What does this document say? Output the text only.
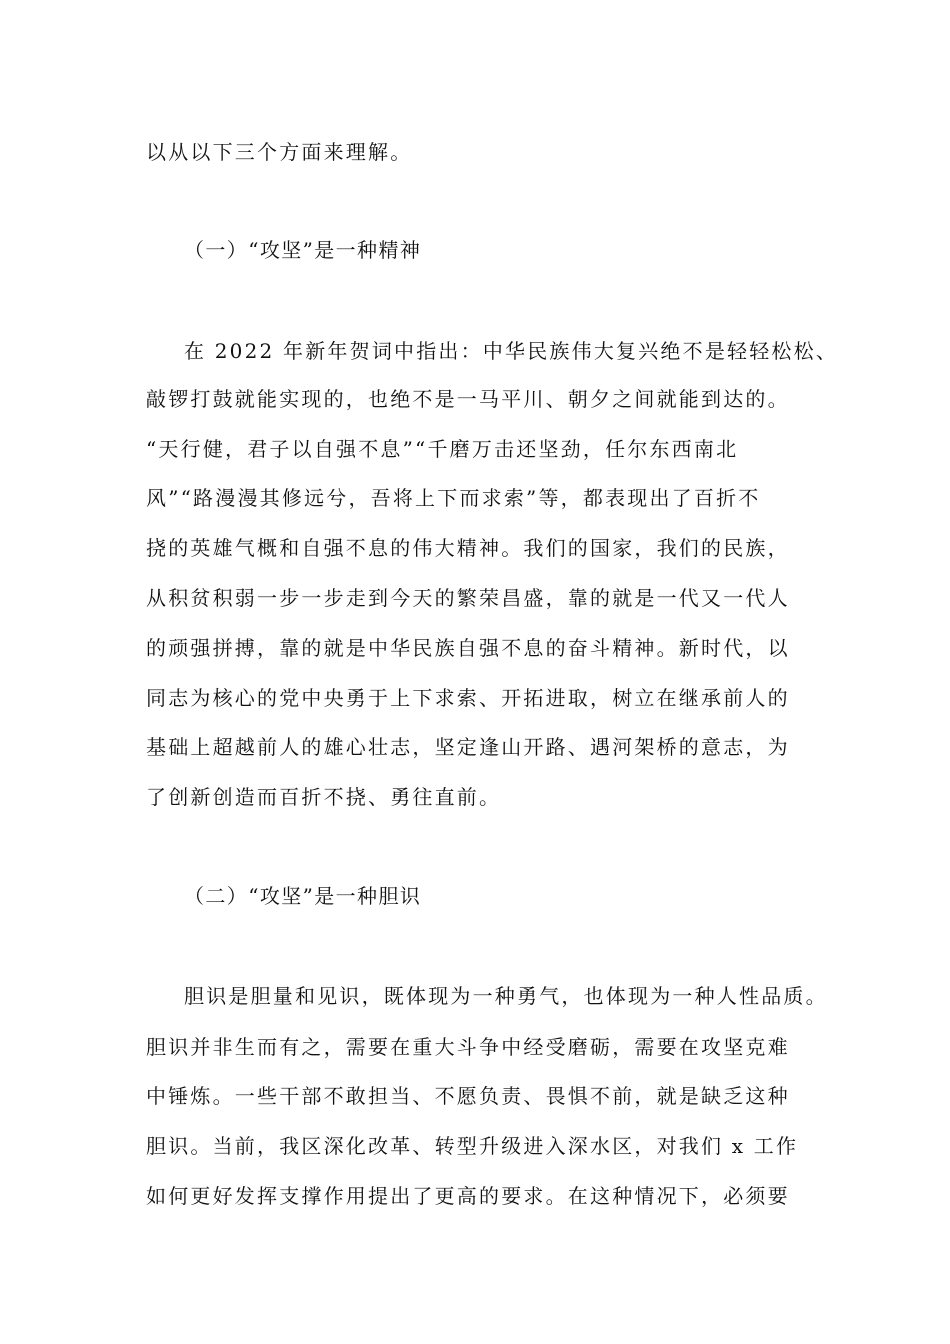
以从以下三个方面来理解。
（一）“攻坚”是一种精神
在 2022 年新年贺词中指出：中华民族伟大复兴绝不是轻轻松松、
敲锣打鼓就能实现的，也绝不是一马平川、朝夕之间就能到达的。
“天行健，君子以自强不息”“千磨万击还坚劲，任尔东西南北
风”“路漫漫其修远兮，吾将上下而求索”等，都表现出了百折不
挠的英雄气概和自强不息的伟大精神。我们的国家，我们的民族，
从积贫积弱一步一步走到今天的繁荣昌盛，靠的就是一代又一代人
的顽强拼搏，靠的就是中华民族自强不息的奋斗精神。新时代，以
同志为核心的党中央勇于上下求索、开拓进取，树立在继承前人的
基础上超越前人的雄心壮志，坚定逢山开路、遇河架桥的意志，为
了创新创造而百折不挠、勇往直前。
（二）“攻坚”是一种胆识
胆识是胆量和见识，既体现为一种勇气，也体现为一种人性品质。
胆识并非生而有之，需要在重大斗争中经受磨砺，需要在攻坚克难
中锤炼。一些干部不敢担当、不愿负责、畏惧不前，就是缺乏这种
胆识。当前，我区深化改革、转型升级进入深水区，对我们 x 工作
如何更好发挥支撑作用提出了更高的要求。在这种情况下，必须要
